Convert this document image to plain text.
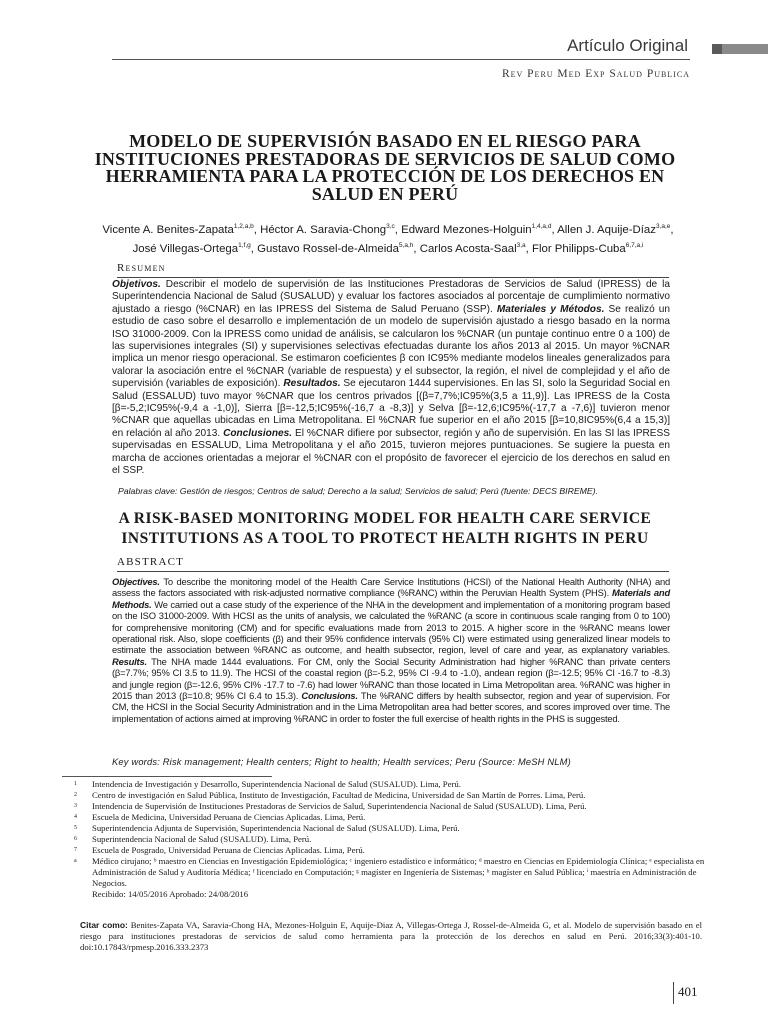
Artículo Original
Rev Peru Med Exp Salud Publica
MODELO DE SUPERVISIÓN BASADO EN EL RIESGO PARA INSTITUCIONES PRESTADORAS DE SERVICIOS DE SALUD COMO HERRAMIENTA PARA LA PROTECCIÓN DE LOS DERECHOS EN SALUD EN PERÚ
Vicente A. Benites-Zapata$^{1,2,a,b}$, Héctor A. Saravia-Chong$^{3,c}$, Edward Mezones-Holguin$^{1,4,a,d}$, Allen J. Aquije-Díaz$^{3,a,e}$,
José Villegas-Ortega$^{1,f,g}$, Gustavo Rossel-de-Almeida$^{5,a,h}$, Carlos Acosta-Saal$^{3,a}$, Flor Philipps-Cuba$^{6,7,a,i}$
Resumen
Objetivos. Describir el modelo de supervisión de las Instituciones Prestadoras de Servicios de Salud (IPRESS) de la Superintendencia Nacional de Salud (SUSALUD) y evaluar los factores asociados al porcentaje de cumplimiento normativo ajustado a riesgo (%CNAR) en las IPRESS del Sistema de Salud Peruano (SSP). Materiales y Métodos. Se realizó un estudio de caso sobre el desarrollo e implementación de un modelo de supervisión ajustado a riesgo basado en la norma ISO 31000-2009. Con la IPRESS como unidad de análisis, se calcularon los %CNAR (un puntaje continuo entre 0 a 100) de las supervisiones integrales (SI) y supervisiones selectivas efectuadas durante los años 2013 al 2015. Un mayor %CNAR implica un menor riesgo operacional. Se estimaron coeficientes β con IC95% mediante modelos lineales generalizados para valorar la asociación entre el %CNAR (variable de respuesta) y el subsector, la región, el nivel de complejidad y el año de supervisión (variables de exposición). Resultados. Se ejecutaron 1444 supervisiones. En las SI, solo la Seguridad Social en Salud (ESSALUD) tuvo mayor %CNAR que los centros privados [(β=7,7%;IC95%(3,5 a 11,9)]. Las IPRESS de la Costa [β=-5,2;IC95%(-9,4 a -1,0)], Sierra [β=-12,5;IC95%(-16,7 a -8,3)] y Selva [β=-12,6;IC95%(-17,7 a -7,6)] tuvieron menor %CNAR que aquellas ubicadas en Lima Metropolitana. El %CNAR fue superior en el año 2015 [β=10,8IC95%(6,4 a 15,3)] en relación al año 2013. Conclusiones. El %CNAR difiere por subsector, región y año de supervisión. En las SI las IPRESS supervisadas en ESSALUD, Lima Metropolitana y el año 2015, tuvieron mejores puntuaciones. Se sugiere la puesta en marcha de acciones orientadas a mejorar el %CNAR con el propósito de favorecer el ejercicio de los derechos en salud en el SSP.
Palabras clave: Gestión de riesgos; Centros de salud; Derecho a la salud; Servicios de salud; Perú (fuente: DECS BIREME).
A RISK-BASED MONITORING MODEL FOR HEALTH CARE SERVICE INSTITUTIONS AS A TOOL TO PROTECT HEALTH RIGHTS IN PERU
ABSTRACT
Objectives. To describe the monitoring model of the Health Care Service Institutions (HCSI) of the National Health Authority (NHA) and assess the factors associated with risk-adjusted normative compliance (%RANC) within the Peruvian Health System (PHS). Materials and Methods. We carried out a case study of the experience of the NHA in the development and implementation of a monitoring program based on the ISO 31000-2009. With HCSI as the units of analysis, we calculated the %RANC (a score in continuous scale ranging from 0 to 100) for comprehensive monitoring (CM) and for specific evaluations made from 2013 to 2015. A higher score in the %RANC means lower operational risk. Also, slope coefficients (β) and their 95% confidence intervals (95% CI) were estimated using generalized linear models to estimate the association between %RANC as outcome, and health subsector, region, level of care and year, as explanatory variables. Results. The NHA made 1444 evaluations. For CM, only the Social Security Administration had higher %RANC than private centers (β=7.7%; 95% CI 3.5 to 11.9). The HCSI of the coastal region (β=-5.2, 95% CI -9.4 to -1.0), andean region (β=-12.5; 95% CI -16.7 to -8.3) and jungle region (β=-12.6, 95% CI% -17.7 to -7.6) had lower %RANC than those located in Lima Metropolitan area. %RANC was higher in 2015 than 2013 (β=10.8; 95% CI 6.4 to 15.3). Conclusions. The %RANC differs by health subsector, region and year of supervision. For CM, the HCSI in the Social Security Administration and in the Lima Metropolitan area had better scores, and scores improved over time. The implementation of actions aimed at improving %RANC in order to foster the full exercise of health rights in the PHS is suggested.
Key words: Risk management; Health centers; Right to health; Health services; Peru (Source: MeSH NLM)
1 Intendencia de Investigación y Desarrollo, Superintendencia Nacional de Salud (SUSALUD). Lima, Perú.
2 Centro de investigación en Salud Pública, Instituto de Investigación, Facultad de Medicina, Universidad de San Martín de Porres. Lima, Perú.
3 Intendencia de Supervisión de Instituciones Prestadoras de Servicios de Salud, Superintendencia Nacional de Salud (SUSALUD). Lima, Perú.
4 Escuela de Medicina, Universidad Peruana de Ciencias Aplicadas. Lima, Perú.
5 Superintendencia Adjunta de Supervisión, Superintendencia Nacional de Salud (SUSALUD). Lima, Perú.
6 Superintendencia Nacional de Salud (SUSALUD). Lima, Perú.
7 Escuela de Posgrado, Universidad Peruana de Ciencias Aplicadas. Lima, Perú.
a Médico cirujano; ᵇ maestro en Ciencias en Investigación Epidemiológica; ᶜ ingeniero estadístico e informático; ᵈ maestro en Ciencias en Epidemiología Clínica; ᵉ especialista en Administración de Salud y Auditoría Médica; ᶠ licenciado en Computación; ᵍ magíster en Ingeniería de Sistemas; ʰ magíster en Salud Pública; ⁱ maestría en Administración de Negocios.
Recibido: 14/05/2016 Aprobado: 24/08/2016
Citar como: Benites-Zapata VA, Saravia-Chong HA, Mezones-Holguin E, Aquije-Diaz A, Villegas-Ortega J, Rossel-de-Almeida G, et al. Modelo de supervisión basado en el riesgo para instituciones prestadoras de servicios de salud como herramienta para la protección de los derechos en salud en Perú. 2016;33(3):401-10. doi:10.17843/rpmesp.2016.333.2373
401
